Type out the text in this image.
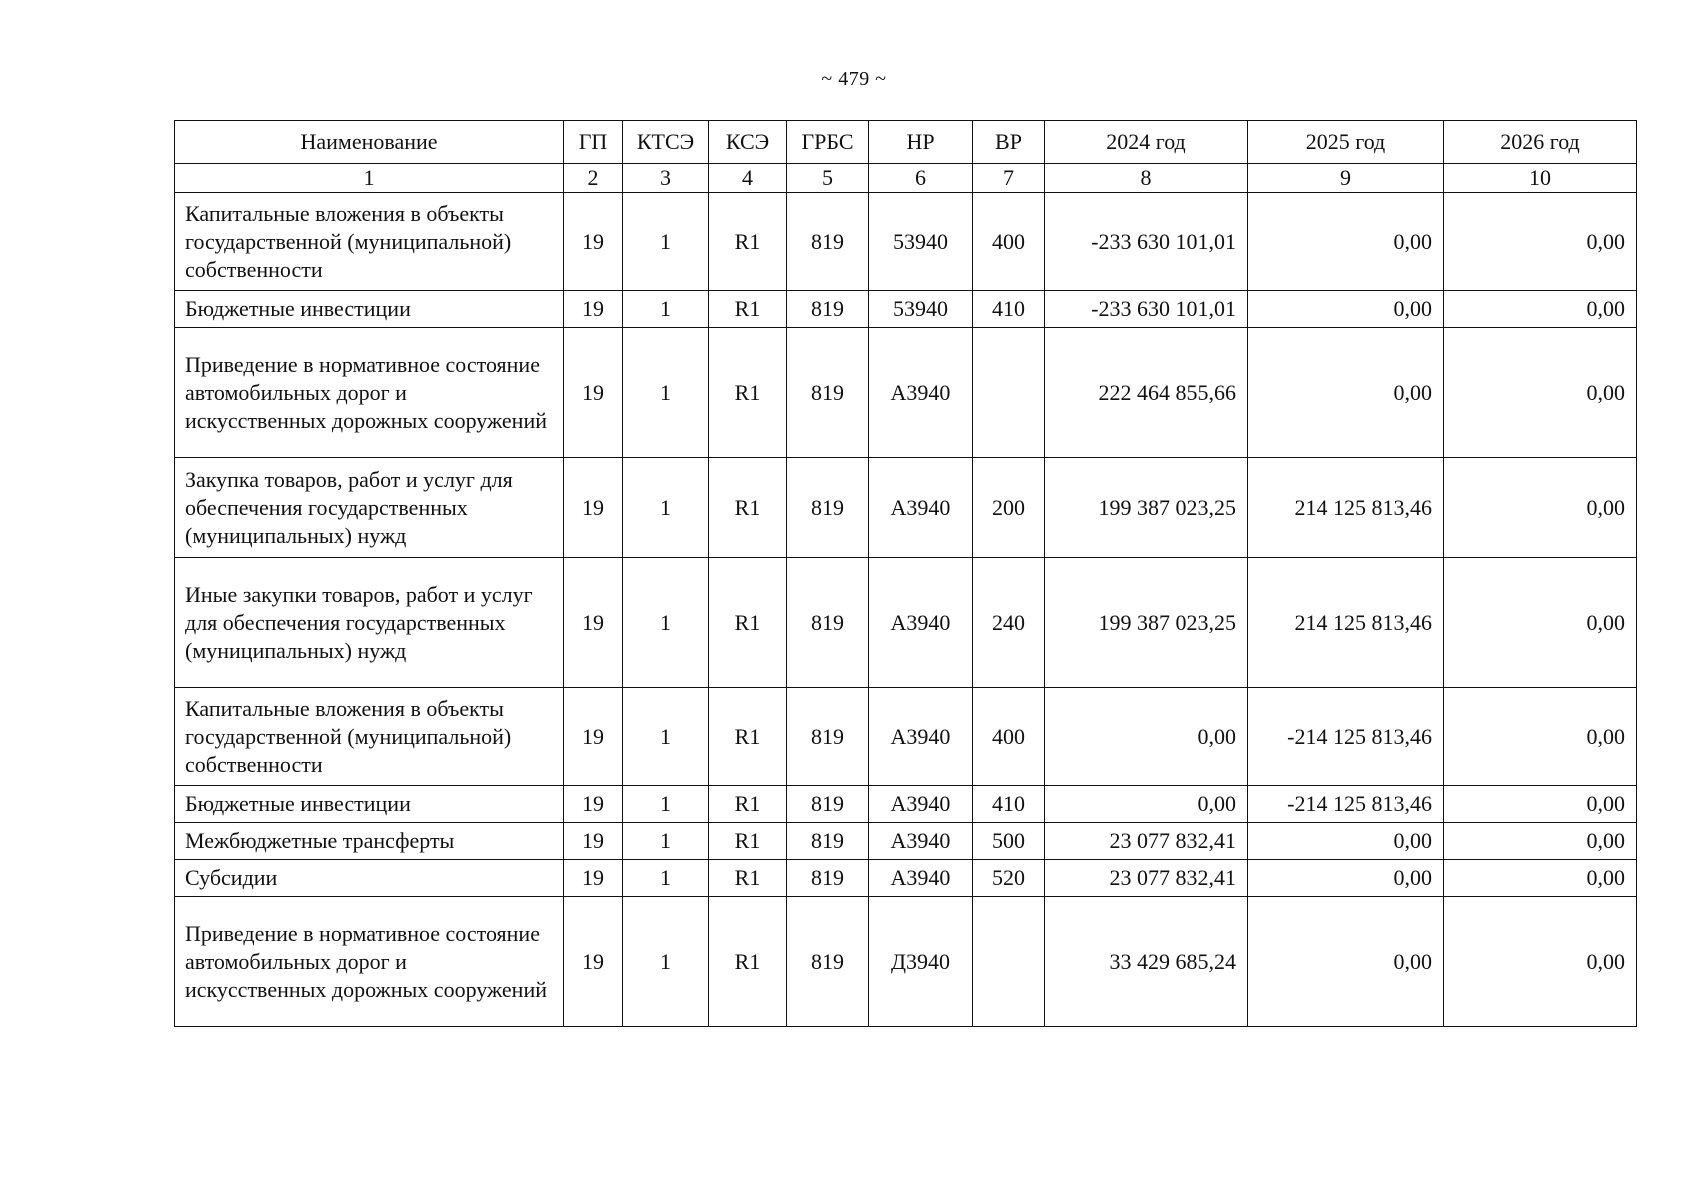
~ 479 ~
Наименование	ГП	КТСЭ	КСЭ	ГРБС	НР	ВР	2024 год	2025 год	2026 год
1	2	3	4	5	6	7	8	9	10
Капитальные вложения в объекты государственной (муниципальной) собственности	19	1	R1	819	53940	400	-233 630 101,01	0,00	0,00
Бюджетные инвестиции	19	1	R1	819	53940	410	-233 630 101,01	0,00	0,00
Приведение в нормативное состояние автомобильных дорог и искусственных дорожных сооружений	19	1	R1	819	А3940		222 464 855,66	0,00	0,00
Закупка товаров, работ и услуг для обеспечения государственных (муниципальных) нужд	19	1	R1	819	А3940	200	199 387 023,25	214 125 813,46	0,00
Иные закупки товаров, работ и услуг для обеспечения государственных (муниципальных) нужд	19	1	R1	819	А3940	240	199 387 023,25	214 125 813,46	0,00
Капитальные вложения в объекты государственной (муниципальной) собственности	19	1	R1	819	А3940	400	0,00	-214 125 813,46	0,00
Бюджетные инвестиции	19	1	R1	819	А3940	410	0,00	-214 125 813,46	0,00
Межбюджетные трансферты	19	1	R1	819	А3940	500	23 077 832,41	0,00	0,00
Субсидии	19	1	R1	819	А3940	520	23 077 832,41	0,00	0,00
Приведение в нормативное состояние автомобильных дорог и искусственных дорожных сооружений	19	1	R1	819	Д3940		33 429 685,24	0,00	0,00
